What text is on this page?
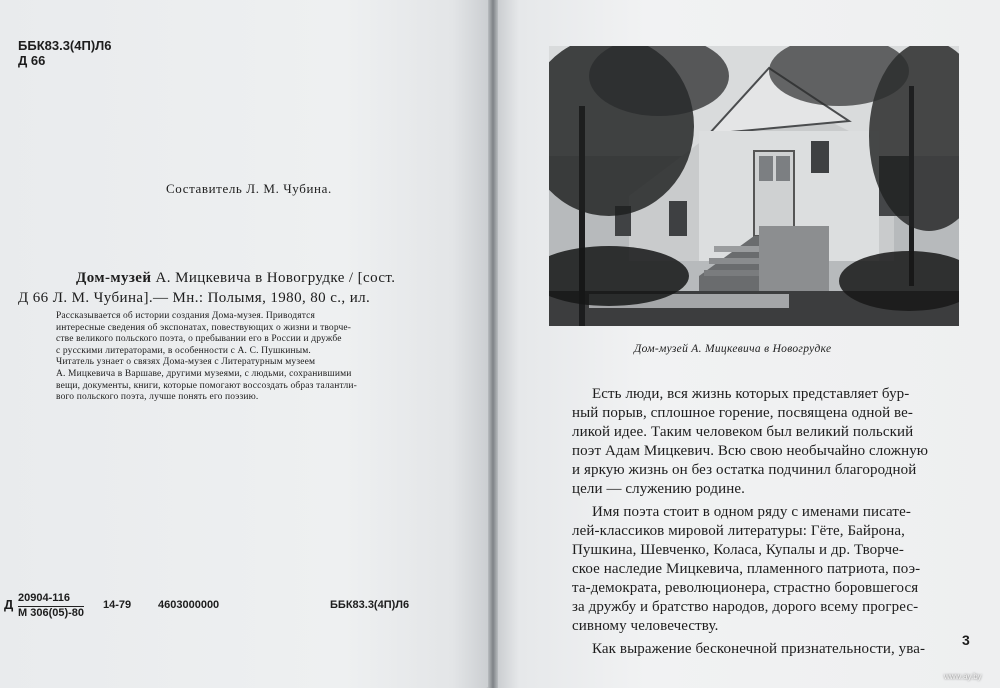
ББК83.3(4П)Л6
Д 66
Составитель Л. М. Чубина.
Дом-музей А. Мицкевича в Новогрудке / [сост.
Д 66 Л. М. Чубина].— Мн.: Полымя, 1980, 80 с., ил.

Рассказывается об истории создания Дома-музея. Приводятся

интересные сведения об экспонатах, повествующих о жизни и творче-

стве великого польского поэта, о пребывании его в России и дружбе

с русскими литераторами, в особенности с А. С. Пушкиным.

Читатель узнает о связях Дома-музея с Литературным музеем

А. Мицкевича в Варшаве, другими музеями, с людьми, сохранившими

вещи, документы, книги, которые помогают воссоздать образ талантли-

вого польского поэта, лучше понять его поэзию.

Д 20904-116
М 306(05)-80
14-79 4603000000	ББК83.3(4П)Л6
Дом-музей А. Мицкевича в Новогрудке
Есть люди, вся жизнь которых представляет бур-
ный порыв, сплошное горение, посвящена одной ве-
ликой идее. Таким человеком был великий польский
поэт Адам Мицкевич. Всю свою необычайно сложную
и яркую жизнь он без остатка подчинил благородной
цели — служению родине.
Имя поэта стоит в одном ряду с именами писате-
лей-классиков мировой литературы: Гёте, Байрона,
Пушкина, Шевченко, Коласа, Купалы и др. Творче-
ское наследие Мицкевича, пламенного патриота, поэ-
та-демократа, революционера, страстно боровшегося
за дружбу и братство народов, дорого всему прогрес-
сивному человечеству.
Как выражение бесконечной признательности, ува-
3
www.ay.by
